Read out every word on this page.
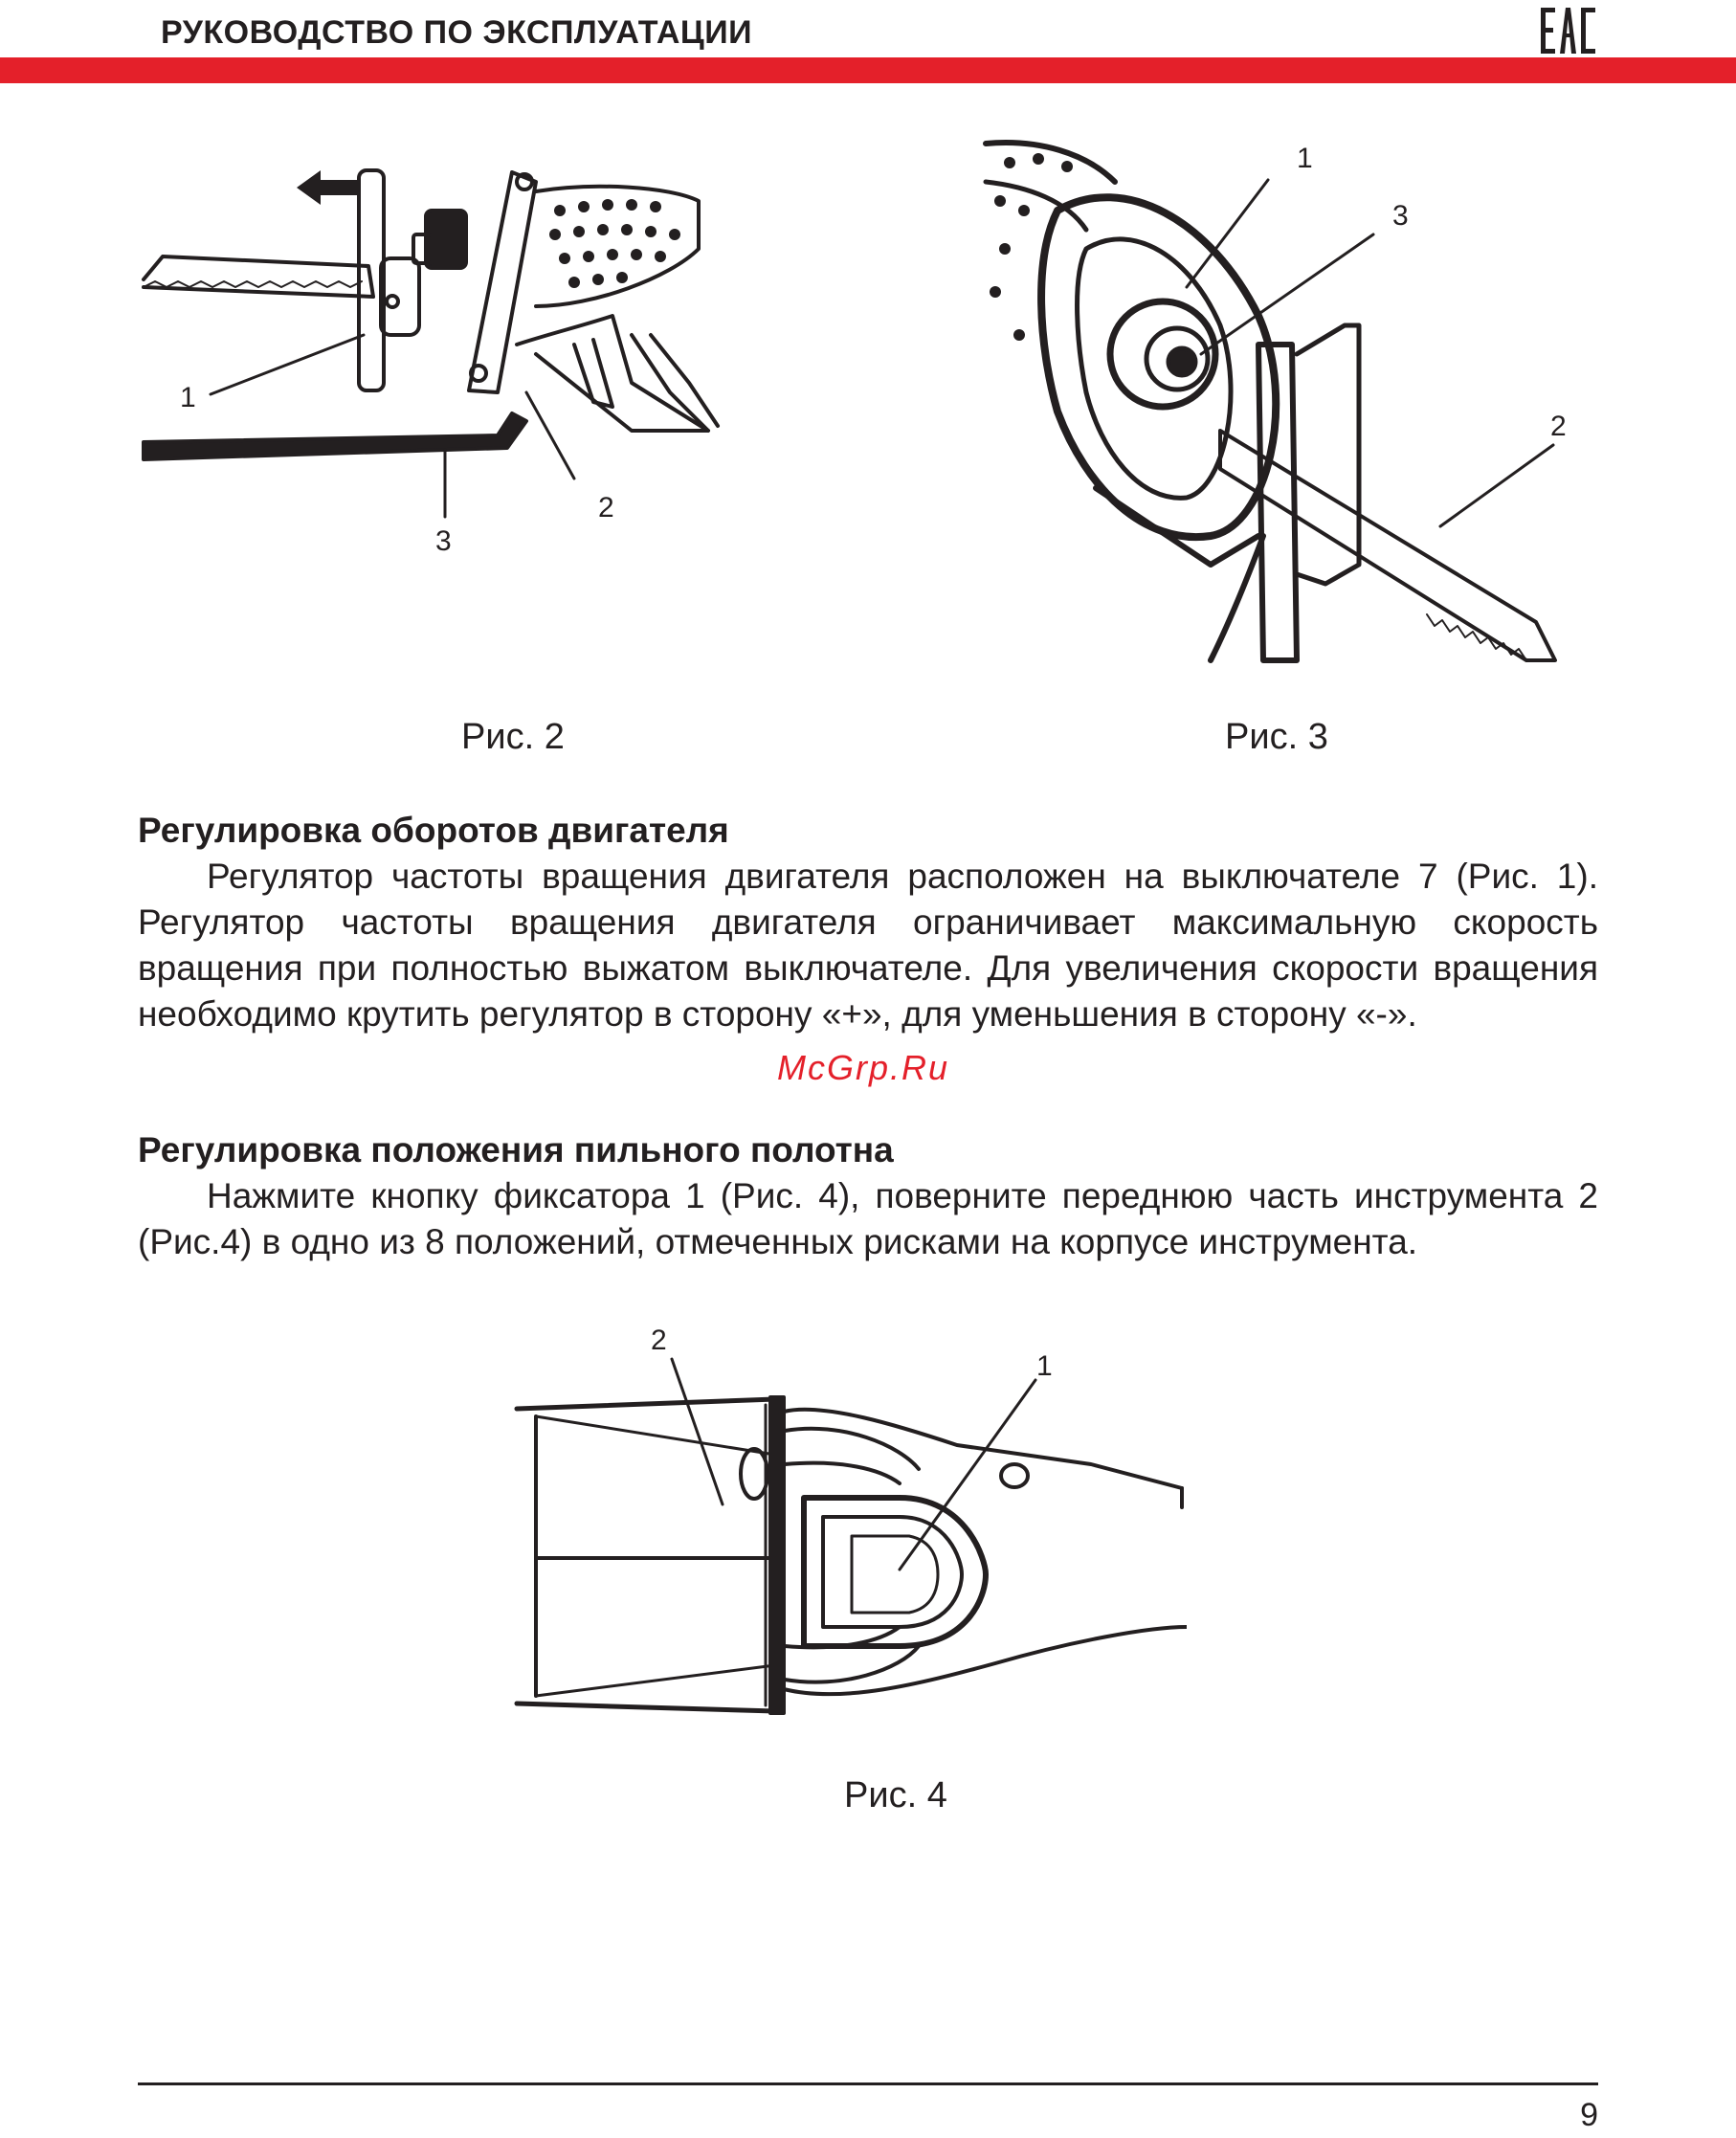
РУКОВОДСТВО ПО ЭКСПЛУАТАЦИИ
1
2
3
Рис. 2
1
2
3
Рис. 3
Регулировка оборотов двигателя

Регулятор частоты вращения двигателя расположен на выключателе 7 (Рис. 1). Регулятор частоты вращения двигателя ограничивает максимальную скорость вращения при полностью выжатом выключателе. Для увеличения скорости вращения необходимо крутить регулятор в сторону «+», для уменьшения в сторону «-».

McGrp.Ru
Регулировка положения пильного полотна

Нажмите кнопку фиксатора 1 (Рис. 4), поверните переднюю часть инструмента 2 (Рис.4) в одно из 8 положений, отмеченных рисками на корпусе инструмента.

2
1
Рис. 4
9
